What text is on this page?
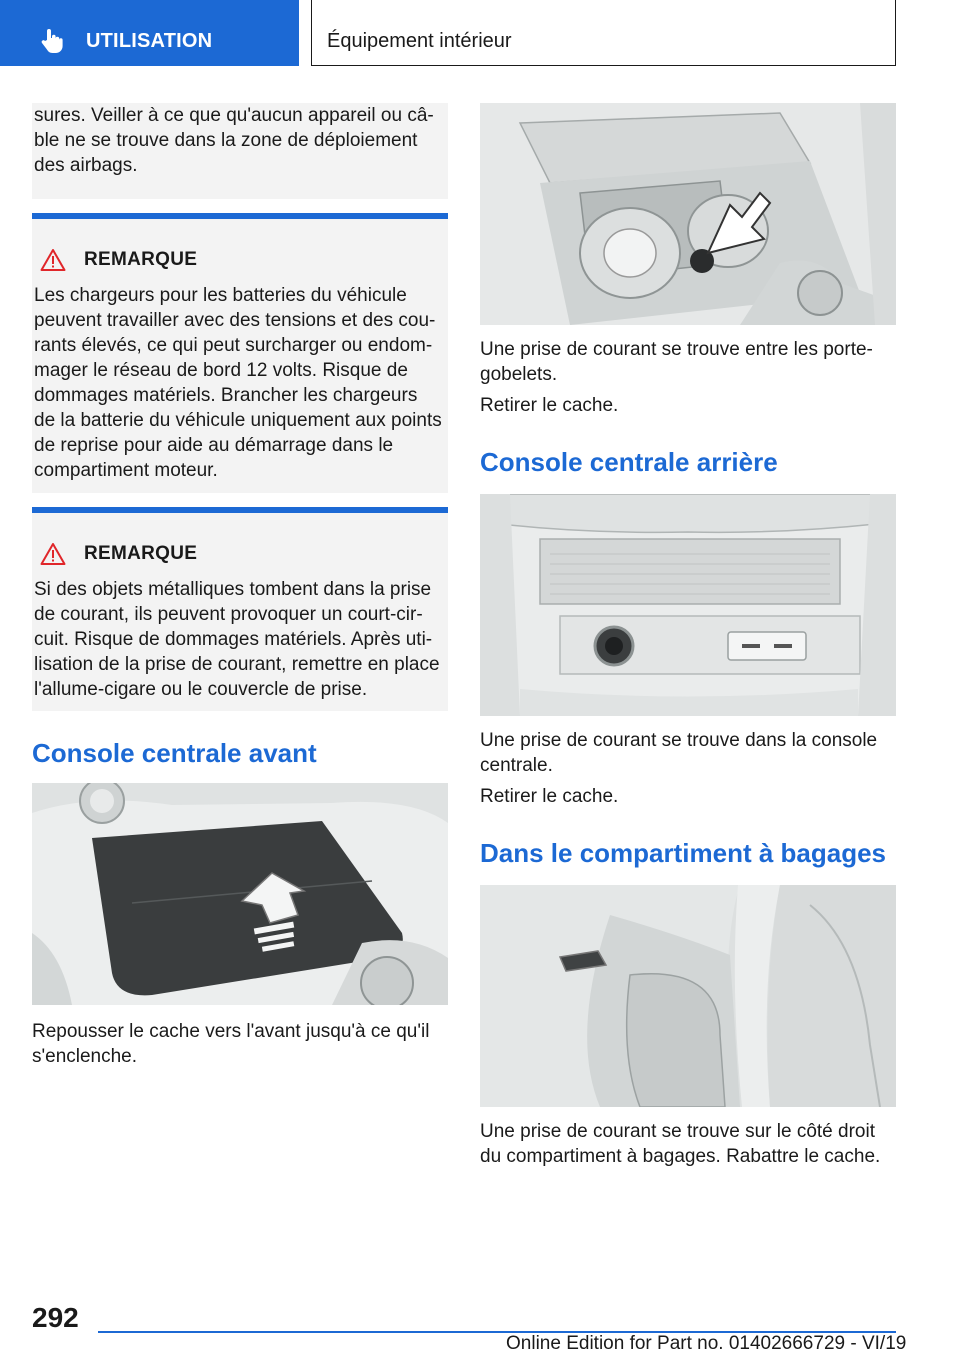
UTILISATION	Équipement intérieur

sures. Veiller à ce que qu'aucun appareil ou câ-ble ne se trouve dans la zone de déploiement des airbags.

REMARQUE

Les chargeurs pour les batteries du véhicule peuvent travailler avec des tensions et des cou-rants élevés, ce qui peut surcharger ou endom-mager le réseau de bord 12 volts. Risque de dommages matériels. Brancher les chargeurs de la batterie du véhicule uniquement aux points de reprise pour aide au démarrage dans le compartiment moteur.

REMARQUE

Si des objets métalliques tombent dans la prise de courant, ils peuvent provoquer un court-cir-cuit. Risque de dommages matériels. Après uti-lisation de la prise de courant, remettre en place l'allume-cigare ou le couvercle de prise.

Console centrale avant

Repousser le cache vers l'avant jusqu'à ce qu'il s'enclenche.

Une prise de courant se trouve entre les porte-gobelets.

Retirer le cache.

Console centrale arrière

Une prise de courant se trouve dans la console centrale.

Retirer le cache.

Dans le compartiment à bagages

Une prise de courant se trouve sur le côté droit du compartiment à bagages. Rabattre le cache.

292
Online Edition for Part no. 01402666729 - VI/19
